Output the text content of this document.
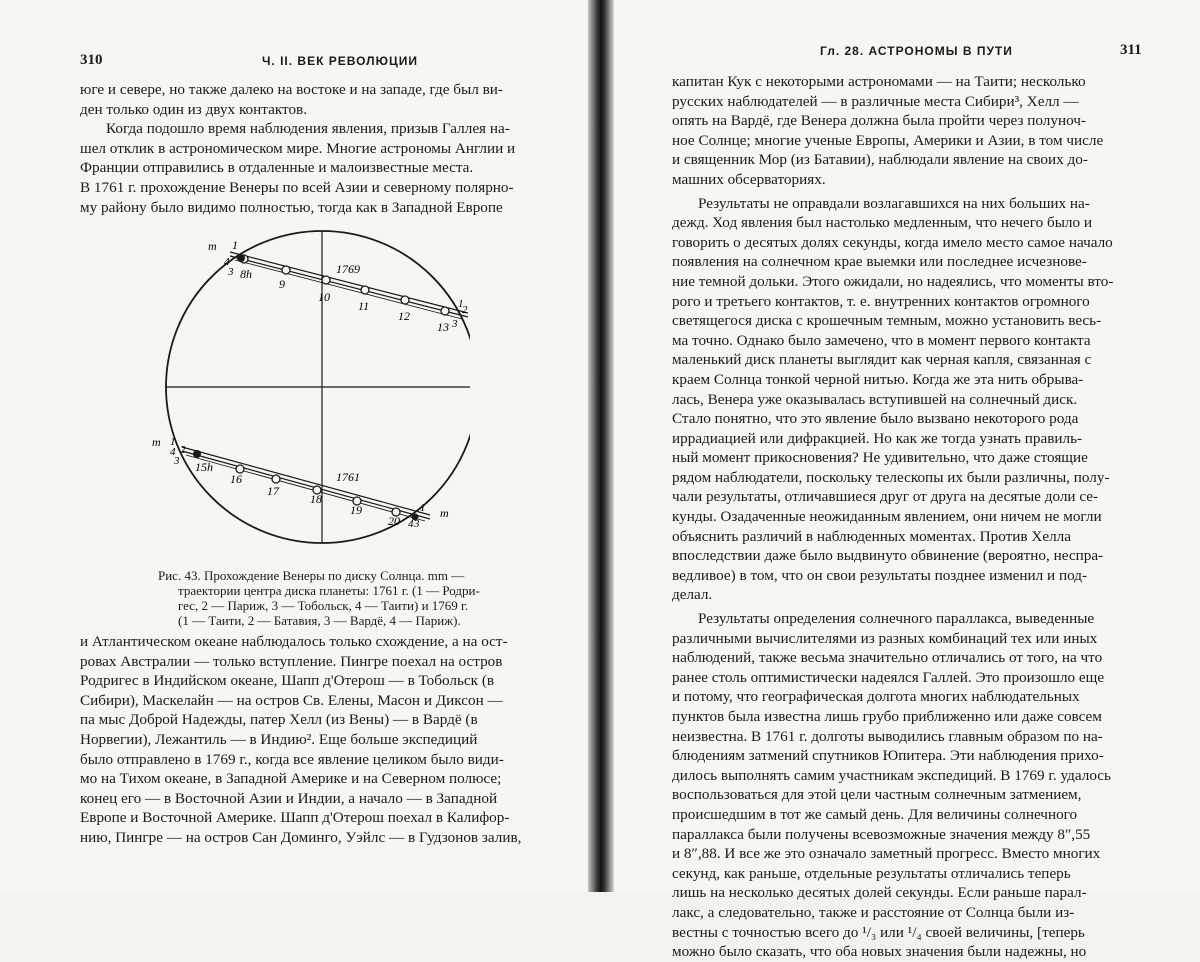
310	Ч. II. ВЕК РЕВОЛЮЦИИ

юге и севере, но также далеко на востоке и на западе, где был ви-

ден только один из двух контактов.

Когда подошло время наблюдения явления, призыв Галлея на-

шел отклик в астрономическом мире. Многие астрономы Англии и

Франции отправились в отдаленные и малоизвестные места.

В 1761 г. прохождение Венеры по всей Азии и северному полярно-

му району было видимо полностью, тогда как в Западной Европе

m 1
4
3 8h
9
10
11
12
13
1
2
3
1769
m 1
4 2
3 15h
16
17
18
19
20
1 m
4 3
1761

Рис. 43. Прохождение Венеры по диску Солнца. mm —

траектории центра диска планеты: 1761 г. (1 — Родри-

гес, 2 — Париж, 3 — Тобольск, 4 — Таити) и 1769 г.

(1 — Таити, 2 — Батавия, 3 — Вардё, 4 — Париж).

и Атлантическом океане наблюдалось только схождение, а на ост-

ровах Австралии — только вступление. Пингре поехал на остров

Родригес в Индийском океане, Шапп д'Отерош — в Тобольск (в

Сибири), Маскелайн — на остров Св. Елены, Масон и Диксон —

па мыс Доброй Надежды, патер Хелл (из Вены) — в Вардё (в

Норвегии), Лежантиль — в Индию². Еще больше экспедиций

было отправлено в 1769 г., когда все явление целиком было види-

мо на Тихом океане, в Западной Америке и на Северном полюсе;

конец его — в Восточной Азии и Индии, а начало — в Западной

Европе и Восточной Америке. Шапп д'Отерош поехал в Калифор-

нию, Пингре — на остров Сан Доминго, Уэйлс — в Гудзонов залив,

Гл. 28. АСТРОНОМЫ В ПУТИ	311

капитан Кук с некоторыми астрономами — на Таити; несколько

русских наблюдателей — в различные места Сибири³, Хелл —

опять на Вардё, где Венера должна была пройти через полуноч-

ное Солнце; многие ученые Европы, Америки и Азии, в том числе

и священник Мор (из Батавии), наблюдали явление на своих до-

машних обсерваториях.

Результаты не оправдали возлагавшихся на них больших на-

дежд. Ход явления был настолько медленным, что нечего было и

говорить о десятых долях секунды, когда имело место самое начало

появления на солнечном крае выемки или последнее исчезнове-

ние темной дольки. Этого ожидали, но надеялись, что моменты вто-

рого и третьего контактов, т. е. внутренних контактов огромного

светящегося диска с крошечным темным, можно установить весь-

ма точно. Однако было замечено, что в момент первого контакта

маленький диск планеты выглядит как черная капля, связанная с

краем Солнца тонкой черной нитью. Когда же эта нить обрыва-

лась, Венера уже оказывалась вступившей на солнечный диск.

Стало понятно, что это явление было вызвано некоторого рода

иррадиацией или дифракцией. Но как же тогда узнать правиль-

ный момент прикосновения? Не удивительно, что даже стоящие

рядом наблюдатели, поскольку телескопы их были различны, полу-

чали результаты, отличавшиеся друг от друга на десятые доли се-

кунды. Озадаченные неожиданным явлением, они ничем не могли

объяснить различий в наблюденных моментах. Против Хелла

впоследствии даже было выдвинуто обвинение (вероятно, неспра-

ведливое) в том, что он свои результаты позднее изменил и под-

делал.

Результаты определения солнечного параллакса, выведенные

различными вычислителями из разных комбинаций тех или иных

наблюдений, также весьма значительно отличались от того, на что

ранее столь оптимистически надеялся Галлей. Это произошло еще

и потому, что географическая долгота многих наблюдательных

пунктов была известна лишь грубо приближенно или даже совсем

неизвестна. В 1761 г. долготы выводились главным образом по на-

блюдениям затмений спутников Юпитера. Эти наблюдения прихо-

дилось выполнять самим участникам экспедиций. В 1769 г. удалось

воспользоваться для этой цели частным солнечным затмением,

происшедшим в тот же самый день. Для величины солнечного

параллакса были получены всевозможные значения между 8″,55

и 8″,88. И все же это означало заметный прогресс. Вместо многих

секунд, как раньше, отдельные результаты отличались теперь

лишь на несколько десятых долей секунды. Если раньше парал-

лакс, а следовательно, также и расстояние от Солнца были из-

вестны с точностью всего до ¹/₃ или ¹/₄ своей величины, [теперь

можно было сказать, что оба новых значения были надежны, но
